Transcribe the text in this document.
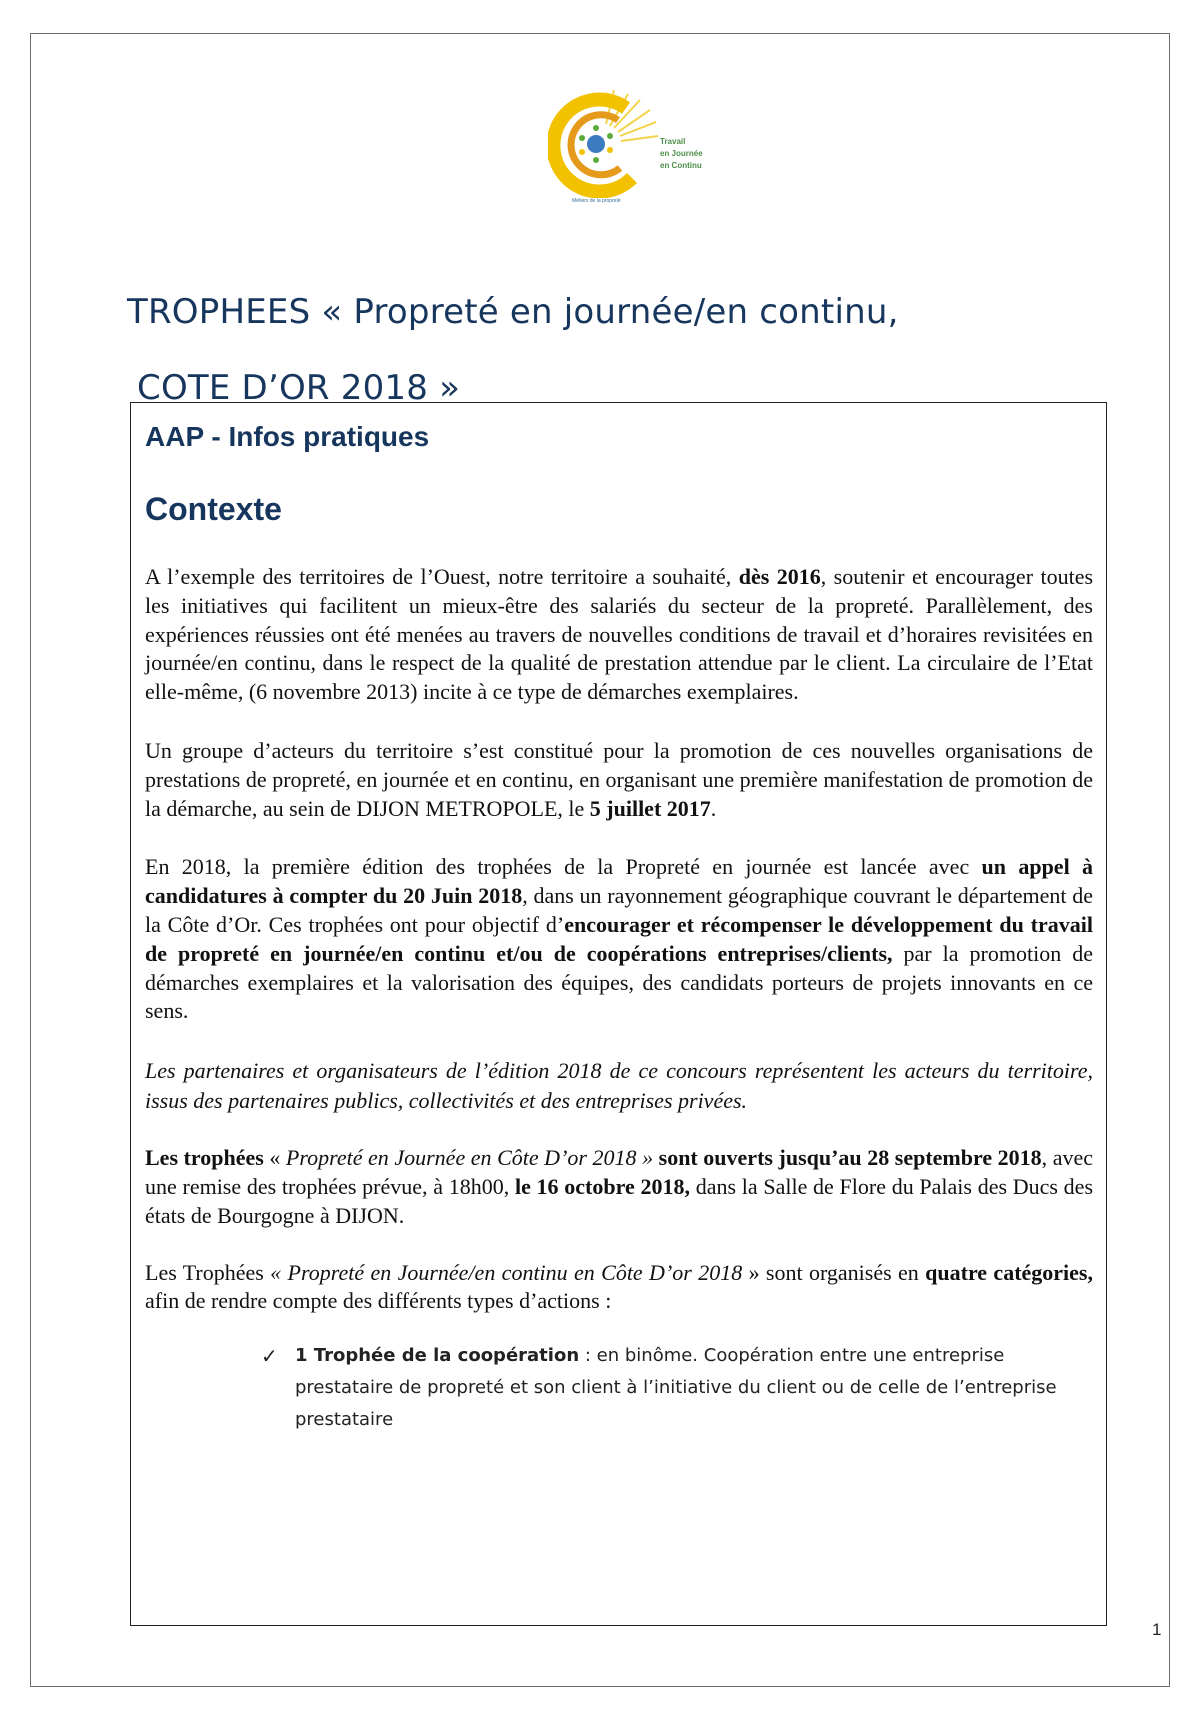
Travail
en Journée
en Continu
Métiers de la propreté
TROPHEES « Propreté en journée/en continu,
COTE D’OR 2018 »
AAP - Infos pratiques
Contexte

A l’exemple des territoires de l’Ouest, notre territoire a souhaité, dès 2016, soutenir et encourager toutes les initiatives qui facilitent un mieux-être des salariés du secteur de la propreté. Parallèlement, des expériences réussies ont été menées au travers de nouvelles conditions de travail et d’horaires revisitées en journée/en continu, dans le respect de la qualité de prestation attendue par le client. La circulaire de l’Etat elle-même, (6 novembre 2013) incite à ce type de démarches exemplaires.

Un groupe d’acteurs du territoire s’est constitué pour la promotion de ces nouvelles organisations de prestations de propreté, en journée et en continu, en organisant une première manifestation de promotion de la démarche, au sein de DIJON METROPOLE, le 5 juillet 2017.

En 2018, la première édition des trophées de la Propreté en journée est lancée avec un appel à candidatures à compter du 20 Juin 2018, dans un rayonnement géographique couvrant le département de la Côte d’Or. Ces trophées ont pour objectif d’encourager et récompenser le développement du travail de propreté en journée/en continu et/ou de coopérations entreprises/clients, par la promotion de démarches exemplaires et la valorisation des équipes, des candidats porteurs de projets innovants en ce sens.

Les partenaires et organisateurs de l’édition 2018 de ce concours représentent les acteurs du territoire, issus des partenaires publics, collectivités et des entreprises privées.

Les trophées « Propreté en Journée en Côte D’or 2018 » sont ouverts jusqu’au 28 septembre 2018, avec une remise des trophées prévue, à 18h00, le 16 octobre 2018, dans la Salle de Flore du Palais des Ducs des états de Bourgogne à DIJON.

Les Trophées « Propreté en Journée/en continu en Côte D’or 2018 » sont organisés en quatre catégories, afin de rendre compte des différents types d’actions :

✓ 1 Trophée de la coopération : en binôme. Coopération entre une entreprise prestataire de propreté et son client à l’initiative du client ou de celle de l’entreprise prestataire
1
